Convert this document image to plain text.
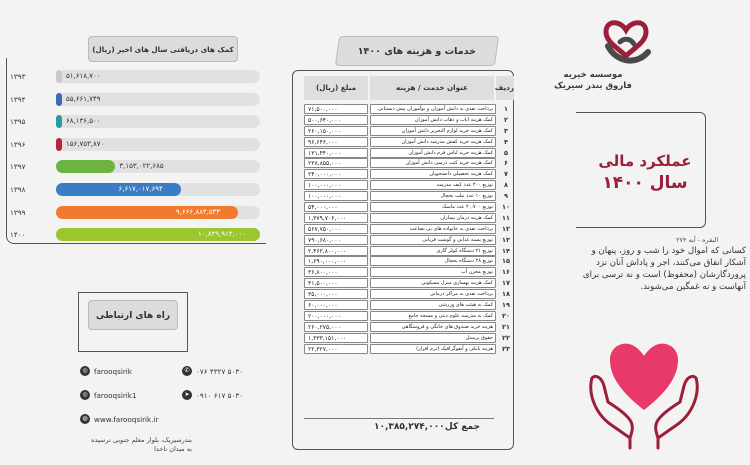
موسسه خیریه
فاروق بندر سیریک
عملکرد مالی
سال ۱۴۰۰
البقره - آیه ۲۷۴
کسانی که اموال خود را شب و روز، پنهان و آشکار انفاق می‌کنند، اجر و پاداش آنان نزد پروردگارشان (محفوظ) است و نه ترسی برای آنهاست و نه غمگین می‌شوند.
خدمات و هزینه های ۱۴۰۰
ردیف
عنوان خدمت / هزینه
مبلغ (ریال)
۷۱,۵۰۰,۰۰۰	پرداخت نقدی به دانش آموزان و نوآموزان پیش دبستانی	۱
۵۰۰,۶۴۰,۰۰۰	کمک هزینه ایاب و ذهاب دانش آموزان	۲
۲۶۰,۱۵۰,۰۰۰	کمک هزینه خرید لوازم التحریر دانش آموزان	۳
۹۶,۶۴۶,۰۰۰	کمک هزینه خرید کفش مدرسه دانش آموزان	۴
۱۳۱,۴۴۰,۰۰۰	کمک هزینه خرید لباس فرم دانش آموزان	۵
۲۳۸,۸۵۵,۰۰۰	کمک هزینه خرید کتب درسی دانش آموزان	۶
۲۴۰,۰۰۰,۰۰۰	کمک هزینه تحصیلی دانشجویان	۷
۱۰۰,۰۰۰,۰۰۰	توزیع ۲۰۰ عدد کیف مدرسه	۸
۱۰۰,۰۰۰,۰۰۰	توزیع ۱۰ عدد تبلت بخچال	۹
۵۴,۰۰۰,۰۰۰	توزیع ۲۰,۷۰۰ عدد ماسک	۱۰
۱,۳۷۹,۷۰۶,۰۰۰	کمک هزینه درمان بیماران	۱۱
۵۶۷,۷۵۰,۰۰۰	پرداخت نقدی به خانواده های بی بضاعت	۱۲
۷۹۰,۶۸۰,۰۰۰	توزیع بسته غذایی و گوشت قربانی	۱۳
۲,۴۶۲,۸۰۰,۰۰۰	توزیع ۲۱ دستگاه کولر گازی	۱۴
۱,۶۹۰,۰۰۰,۰۰۰	توزیع ۲۸ دستگاه یخچال	۱۵
۳۶,۸۰۰,۰۰۰	توزیع مخزن آب	۱۶
۳۱,۵۰۰,۰۰۰	کمک هزینه بهسازی منزل مسکونی	۱۷
۳۵,۰۰۰,۰۰۰	پرداخت نقدی به مراکز درمانی	۱۸
۶۰,۰۰۰,۰۰۰	کمک به هیئت های ورزشی	۱۹
۲۰۰,۰۰۰,۰۰۰	کمک به مدرسه علوم دینی و مسجد جامع	۲۰
۲۶۰,۲۷۵,۰۰۰	هزینه خرید صندوق های خانگی و فروشگاهی	۲۱
۱,۳۳۳,۱۵۱,۰۰۰	حقوق پرسنل	۲۲
۲۲,۳۲۷,۰۰۰	هزینه بانکی و آنفوگرافیک (ترم افزار)	۲۳
جمع کل
۱۰,۳۸۵,۲۷۴,۰۰۰
کمک های دریافتی سال های اخیر (ریال)
۵۱,۶۱۸,۷۰۰
۱۳۹۳
۵۵,۶۶۱,۷۴۹
۱۳۹۴
۶۸,۱۳۶,۵۰۰
۱۳۹۵
۱۵۶,۷۵۳,۸۷۰
۱۳۹۶
۳,۱۵۳,۰۲۲,۶۸۵
۱۳۹۷
۶,۶۱۷,۰۱۷,۶۹۴
۱۳۹۸
۹,۶۶۶,۸۸۳,۵۳۳
۱۳۹۹
۱۰,۸۳۹,۹۱۳,۰۰۰
۱۴۰۰
راه های ارتباطی
◎ farooqsirik	✆ ۰۷۶ ۴۳۲۷ ۵۰۳۰
◎ farooqsirik1	➤ ۰۹۱۰ ۶۱۷ ۵۰۳۰
◍ www.farooqsirik.ir
بندرسیریک، بلوار معلم جنوبی نرسیده به میدان ناخدا
